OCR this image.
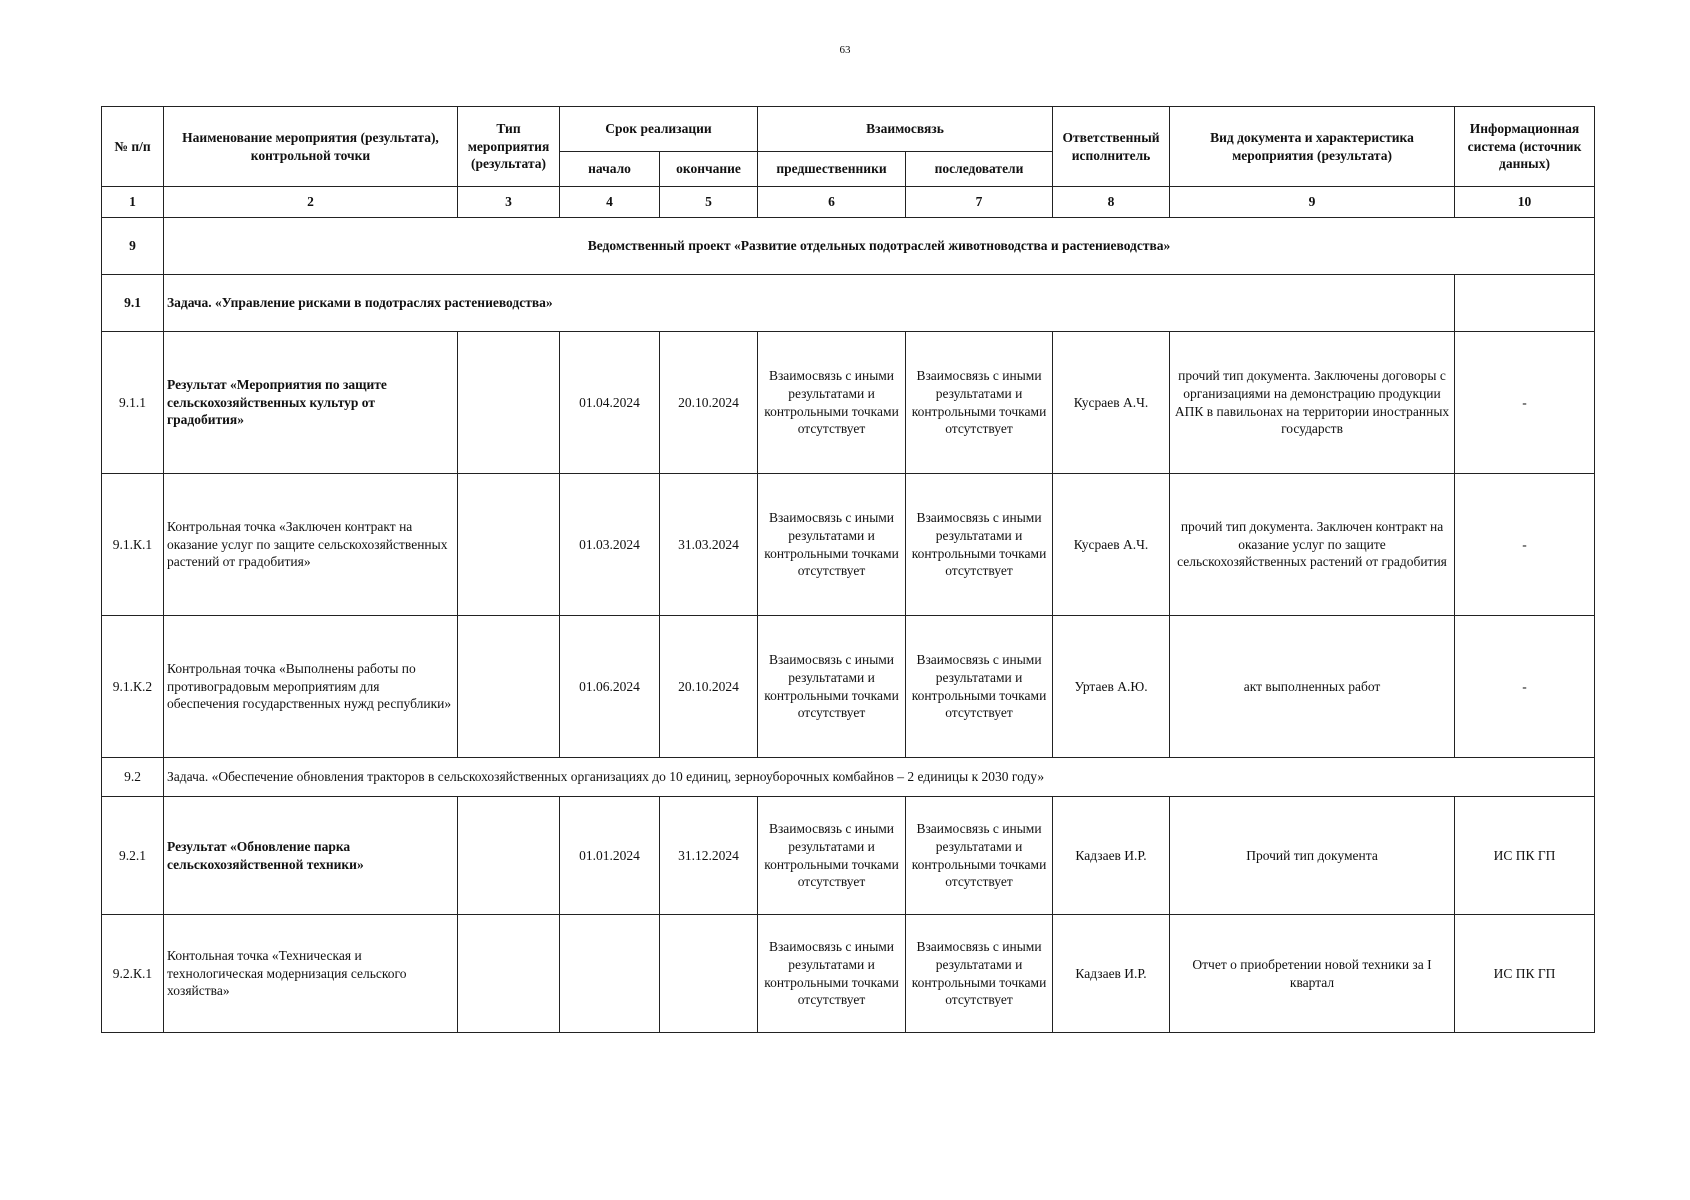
63
№ п/п	Наименование мероприятия (результата), контрольной точки	Тип мероприятия (результата)	Срок реализации		Взаимосвязь		Ответственный исполнитель	Вид документа и характеристика мероприятия (результата)	Информационная система (источник данных)
			начало	окончание	предшественники	последователи			
1	2	3	4	5	6	7	8	9	10
9	Ведомственный проект «Развитие отдельных подотраслей животноводства и растениеводства»								
9.1	Задача. «Управление рисками в подотраслях растениеводства»								
9.1.1	Результат «Мероприятия по защите сельскохозяйственных культур от градобития»		01.04.2024	20.10.2024	Взаимосвязь с иными результатами и контрольными точками отсутствует	Взаимосвязь с иными результатами и контрольными точками отсутствует	Кусраев А.Ч.	прочий тип документа. Заключены договоры с организациями на демонстрацию продукции АПК в павильонах на территории иностранных государств	-
9.1.К.1	Контрольная точка «Заключен контракт на оказание услуг по защите сельскохозяйственных растений от градобития»		01.03.2024	31.03.2024	Взаимосвязь с иными результатами и контрольными точками отсутствует	Взаимосвязь с иными результатами и контрольными точками отсутствует	Кусраев А.Ч.	прочий тип документа. Заключен контракт на оказание услуг по защите сельскохозяйственных растений от градобития	-
9.1.К.2	Контрольная точка «Выполнены работы по противоградовым мероприятиям для обеспечения государственных нужд республики»		01.06.2024	20.10.2024	Взаимосвязь с иными результатами и контрольными точками отсутствует	Взаимосвязь с иными результатами и контрольными точками отсутствует	Уртаев А.Ю.	акт выполненных работ	-
9.2	Задача. «Обеспечение обновления тракторов в сельскохозяйственных организациях до 10 единиц, зерноуборочных комбайнов – 2 единицы к 2030 году»								
9.2.1	Результат «Обновление парка сельскохозяйственной техники»		01.01.2024	31.12.2024	Взаимосвязь с иными результатами и контрольными точками отсутствует	Взаимосвязь с иными результатами и контрольными точками отсутствует	Кадзаев И.Р.	Прочий тип документа	ИС ПК ГП
9.2.К.1	Контольная точка «Техническая и технологическая модернизация сельского хозяйства»				Взаимосвязь с иными результатами и контрольными точками отсутствует	Взаимосвязь с иными результатами и контрольными точками отсутствует	Кадзаев И.Р.	Отчет о приобретении новой техники за I квартал	ИС ПК ГП
